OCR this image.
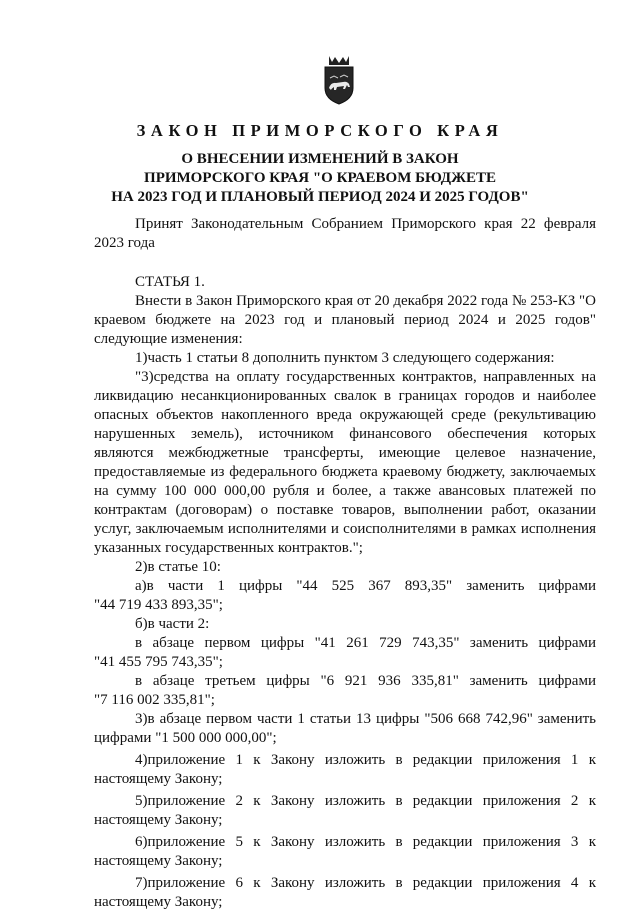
ЗАКОН ПРИМОРСКОГО КРАЯ
О ВНЕСЕНИИ ИЗМЕНЕНИЙ В ЗАКОН
ПРИМОРСКОГО КРАЯ "О КРАЕВОМ БЮДЖЕТЕ
НА 2023 ГОД И ПЛАНОВЫЙ ПЕРИОД 2024 И 2025 ГОДОВ"
Принят Законодательным Собранием Приморского края 22 февраля 2023 года
СТАТЬЯ 1.
Внести в Закон Приморского края от 20 декабря 2022 года № 253-КЗ "О краевом бюджете на 2023 год и плановый период 2024 и 2025 годов" следующие изменения:
1)часть 1 статьи 8 дополнить пунктом 3 следующего содержания:
"3)средства на оплату государственных контрактов, направленных на ликвидацию несанкционированных свалок в границах городов и наиболее опасных объектов накопленного вреда окружающей среде (рекультивацию нарушенных земель), источником финансового обеспечения которых являются межбюджетные трансферты, имеющие целевое назначение, предоставляемые из федерального бюджета краевому бюджету, заключаемых на сумму 100 000 000,00 рубля и более, а также авансовых платежей по контрактам (договорам) о поставке товаров, выполнении работ, оказании услуг, заключаемым исполнителями и соисполнителями в рамках исполнения указанных государственных контрактов.";
2)в статье 10:
а)в части 1 цифры "44 525 367 893,35" заменить цифрами
"44 719 433 893,35";
б)в части 2:
в абзаце первом цифры "41 261 729 743,35" заменить цифрами
"41 455 795 743,35";
в абзаце третьем цифры "6 921 936 335,81" заменить цифрами
"7 116 002 335,81";
3)в абзаце первом части 1 статьи 13 цифры "506 668 742,96" заменить
цифрами "1 500 000 000,00";
4)приложение 1 к Закону изложить в редакции приложения 1 к
настоящему Закону;
5)приложение 2 к Закону изложить в редакции приложения 2 к
настоящему Закону;
6)приложение 5 к Закону изложить в редакции приложения 3 к
настоящему Закону;
7)приложение 6 к Закону изложить в редакции приложения 4 к
настоящему Закону;
